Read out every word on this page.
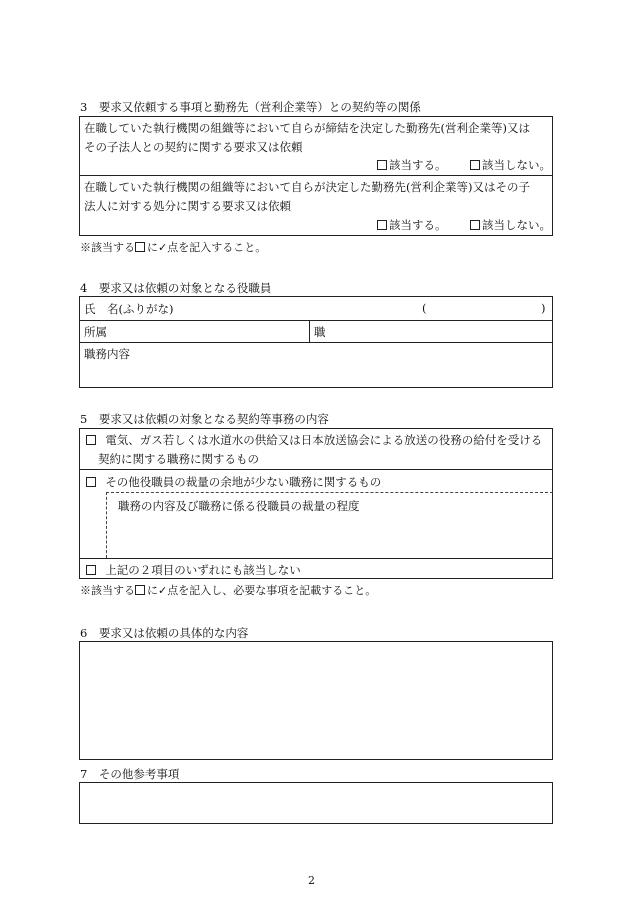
3　要求又依頼する事項と勤務先（営利企業等）との契約等の関係
在職していた執行機関の組織等において自らが締結を決定した勤務先(営利企業等)又は
その子法人との契約に関する要求又は依頼
該当する。	該当しない。
在職していた執行機関の組織等において自らが決定した勤務先(営利企業等)又はその子
法人に対する処分に関する要求又は依頼
該当する。	該当しない。
※該当する に✓点を記入すること。
4　要求又は依頼の対象となる役職員
氏　名(ふりがな)	(	)
所属	職
職務内容
5　要求又は依頼の対象となる契約等事務の内容
電気、ガス若しくは水道水の供給又は日本放送協会による放送の役務の給付を受ける
契約に関する職務に関するもの
その他役職員の裁量の余地が少ない職務に関するもの
職務の内容及び職務に係る役職員の裁量の程度
上記の２項目のいずれにも該当しない
※該当する に✓点を記入し、必要な事項を記載すること。
6　要求又は依頼の具体的な内容
7　その他参考事項
2
